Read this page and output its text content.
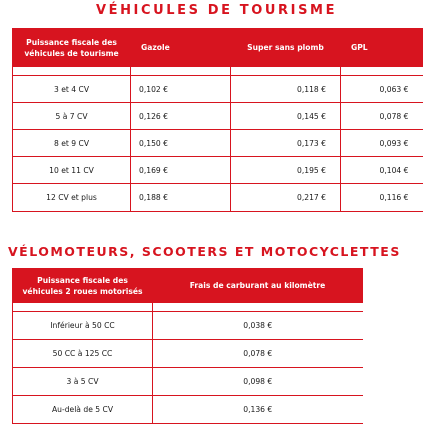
VÉHICULES DE TOURISME
Puissance fiscale des véhicules de tourisme	Gazole	Super sans plomb	GPL

3 et 4 CV	0,102 €	0,118 €	0,063 €
5 à 7 CV	0,126 €	0,145 €	0,078 €
8 et 9 CV	0,150 €	0,173 €	0,093 €
10 et 11 CV	0,169 €	0,195 €	0,104 €
12 CV et plus	0,188 €	0,217 €	0,116 €
VÉLOMOTEURS, SCOOTERS ET MOTOCYCLETTES
Puissance fiscale des véhicules 2 roues motorisés	Frais de carburant au kilomètre

Inférieur à 50 CC	0,038 €
50 CC à 125 CC	0,078 €
3 à 5 CV	0,098 €
Au-delà de 5 CV	0,136 €
